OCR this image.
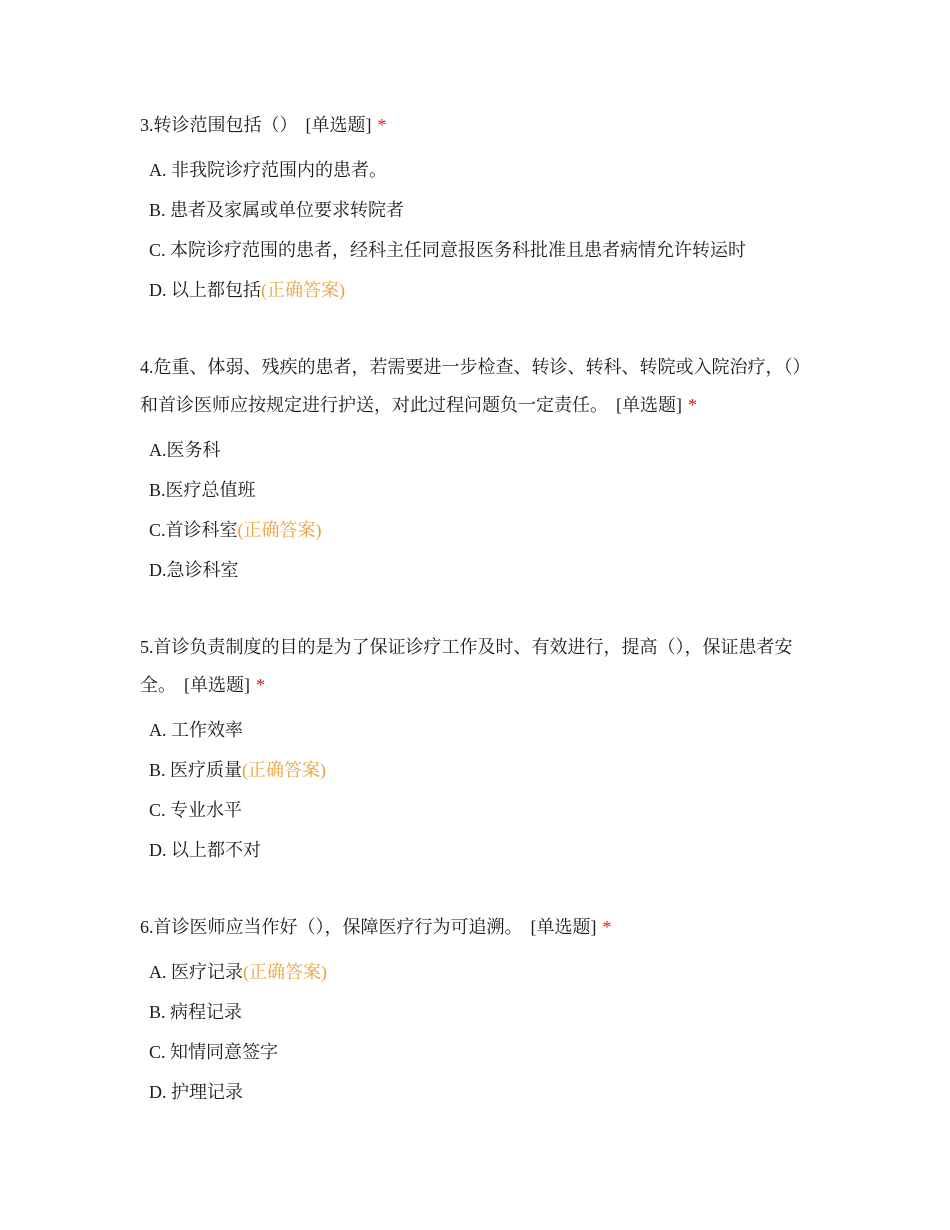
3.转诊范围包括（） [单选题] *

A. 非我院诊疗范围内的患者。
B. 患者及家属或单位要求转院者
C. 本院诊疗范围的患者，经科主任同意报医务科批准且患者病情允许转运时
D. 以上都包括(正确答案)

4.危重、体弱、残疾的患者，若需要进一步检查、转诊、转科、转院或入院治疗，（）和首诊医师应按规定进行护送，对此过程问题负一定责任。 [单选题] *

A.医务科
B.医疗总值班
C.首诊科室(正确答案)
D.急诊科室

5.首诊负责制度的目的是为了保证诊疗工作及时、有效进行，提高（），保证患者安全。 [单选题] *

A. 工作效率
B. 医疗质量(正确答案)
C. 专业水平
D. 以上都不对

6.首诊医师应当作好（），保障医疗行为可追溯。 [单选题] *

A. 医疗记录(正确答案)
B. 病程记录
C. 知情同意签字
D. 护理记录
